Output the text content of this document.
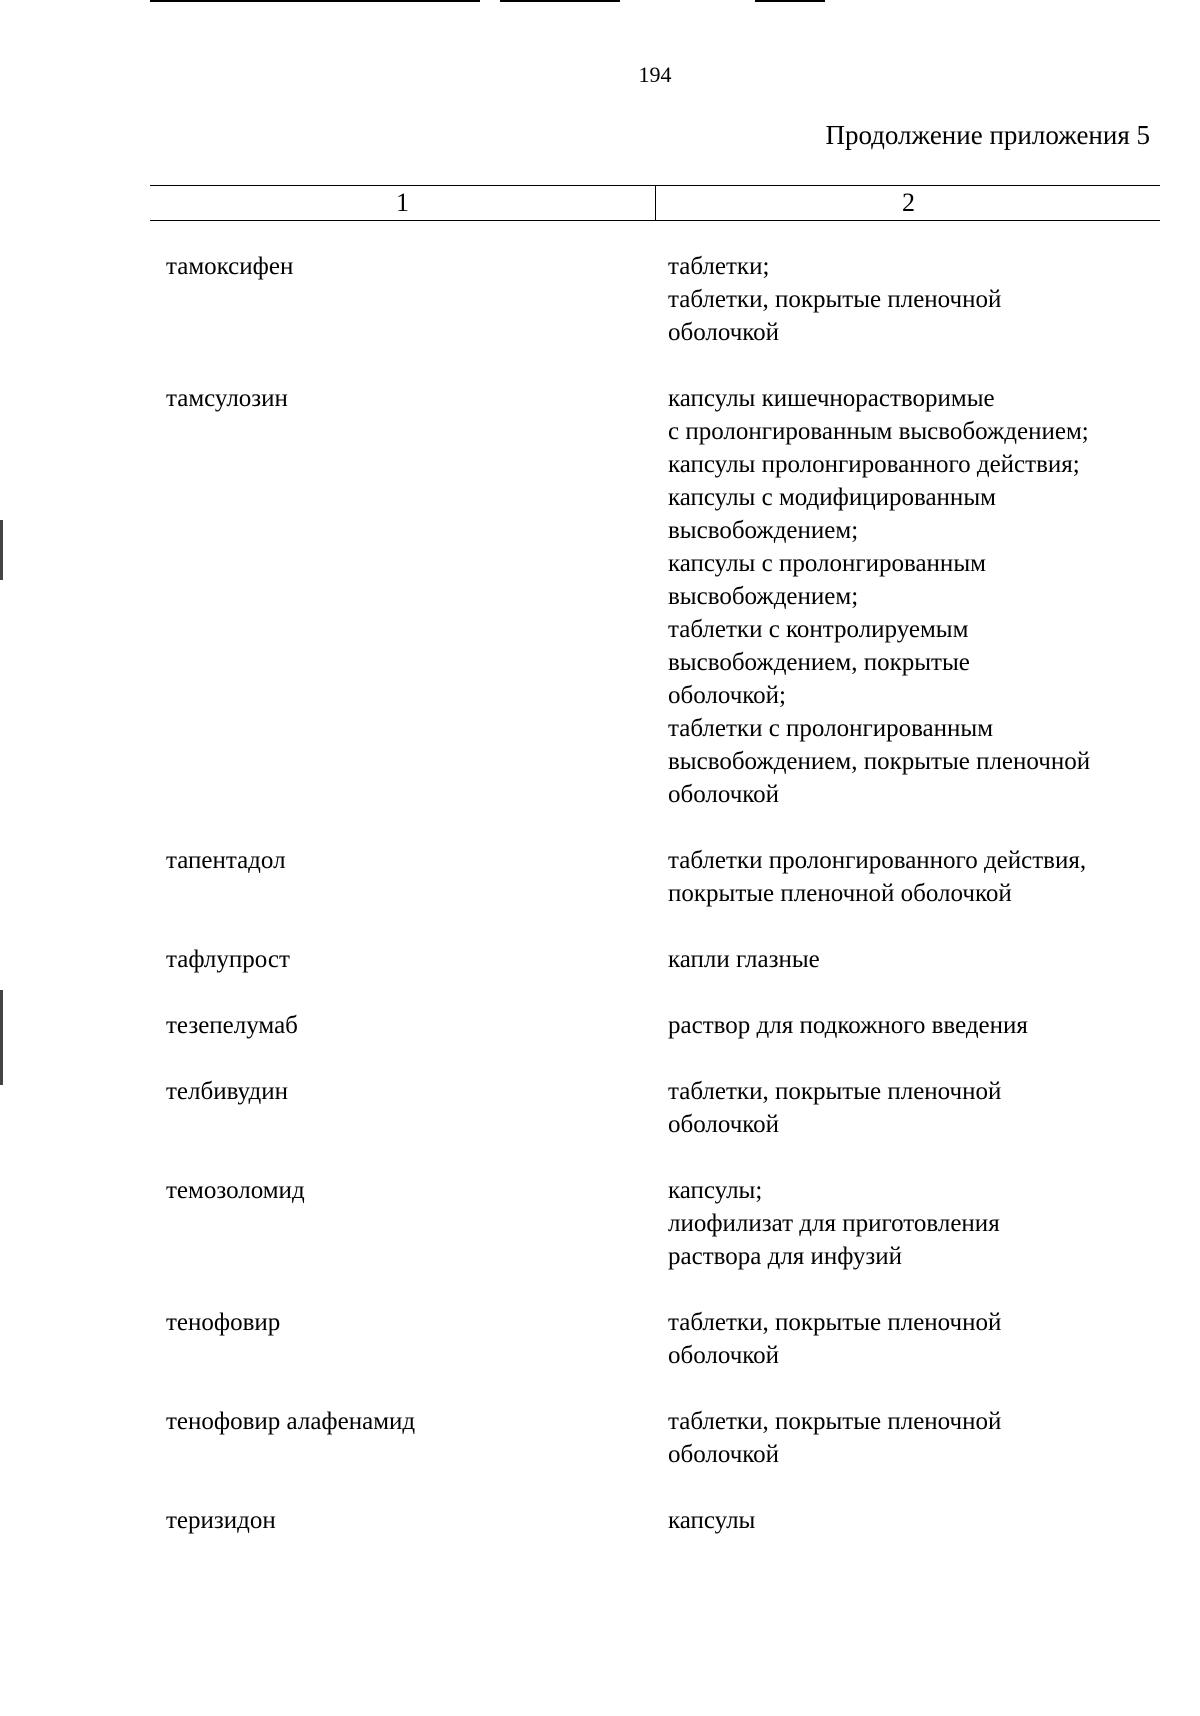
194
Продолжение приложения 5
1	2
тамоксифен	таблетки;
таблетки, покрытые пленочной
оболочкой
тамсулозин	капсулы кишечнорастворимые
с пролонгированным высвобождением;
капсулы пролонгированного действия;
капсулы с модифицированным
высвобождением;
капсулы с пролонгированным
высвобождением;
таблетки с контролируемым
высвобождением, покрытые
оболочкой;
таблетки с пролонгированным
высвобождением, покрытые пленочной
оболочкой
тапентадол	таблетки пролонгированного действия,
покрытые пленочной оболочкой
тафлупрост	капли глазные
тезепелумаб	раствор для подкожного введения
телбивудин	таблетки, покрытые пленочной
оболочкой
темозоломид	капсулы;
лиофилизат для приготовления
раствора для инфузий
тенофовир	таблетки, покрытые пленочной
оболочкой
тенофовир алафенамид	таблетки, покрытые пленочной
оболочкой
теризидон	капсулы
